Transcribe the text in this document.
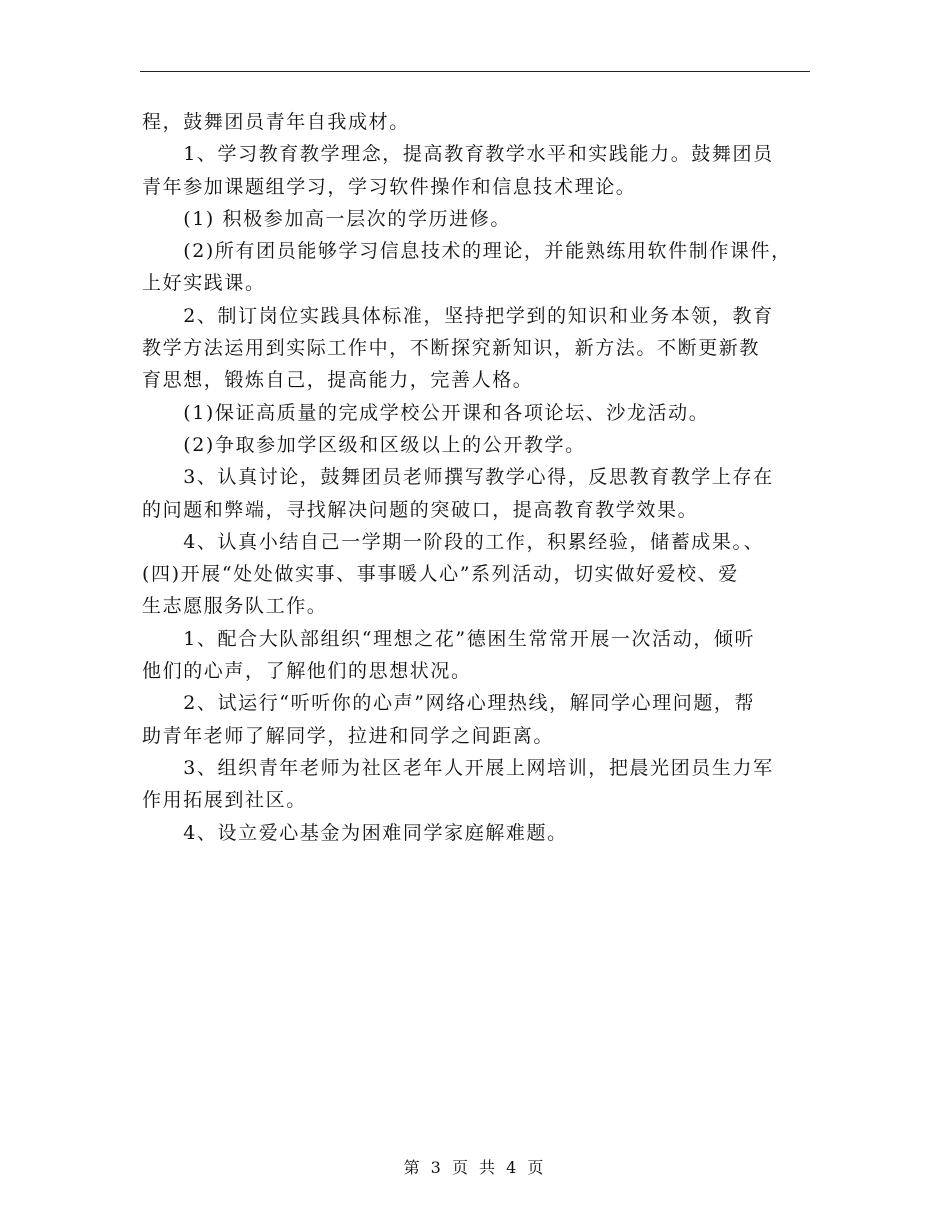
程，鼓舞团员青年自我成材。
　　1、学习教育教学理念，提高教育教学水平和实践能力。鼓舞团员
青年参加课题组学习，学习软件操作和信息技术理论。
　　(1) 积极参加高一层次的学历进修。
　　(2)所有团员能够学习信息技术的理论，并能熟练用软件制作课件，
上好实践课。
　　2、制订岗位实践具体标准，坚持把学到的知识和业务本领，教育
教学方法运用到实际工作中，不断探究新知识，新方法。不断更新教
育思想，锻炼自己，提高能力，完善人格。
　　(1)保证高质量的完成学校公开课和各项论坛、沙龙活动。
　　(2)争取参加学区级和区级以上的公开教学。
　　3、认真讨论，鼓舞团员老师撰写教学心得，反思教育教学上存在
的问题和弊端，寻找解决问题的突破口，提高教育教学效果。
　　4、认真小结自己一学期一阶段的工作，积累经验，储蓄成果。、
(四)开展“处处做实事、事事暖人心”系列活动，切实做好爱校、爱
生志愿服务队工作。
　　1、配合大队部组织“理想之花”德困生常常开展一次活动，倾听
他们的心声，了解他们的思想状况。
　　2、试运行“听听你的心声”网络心理热线，解同学心理问题，帮
助青年老师了解同学，拉进和同学之间距离。
　　3、组织青年老师为社区老年人开展上网培训，把晨光团员生力军
作用拓展到社区。
　　4、设立爱心基金为困难同学家庭解难题。
第 3 页 共 4 页
